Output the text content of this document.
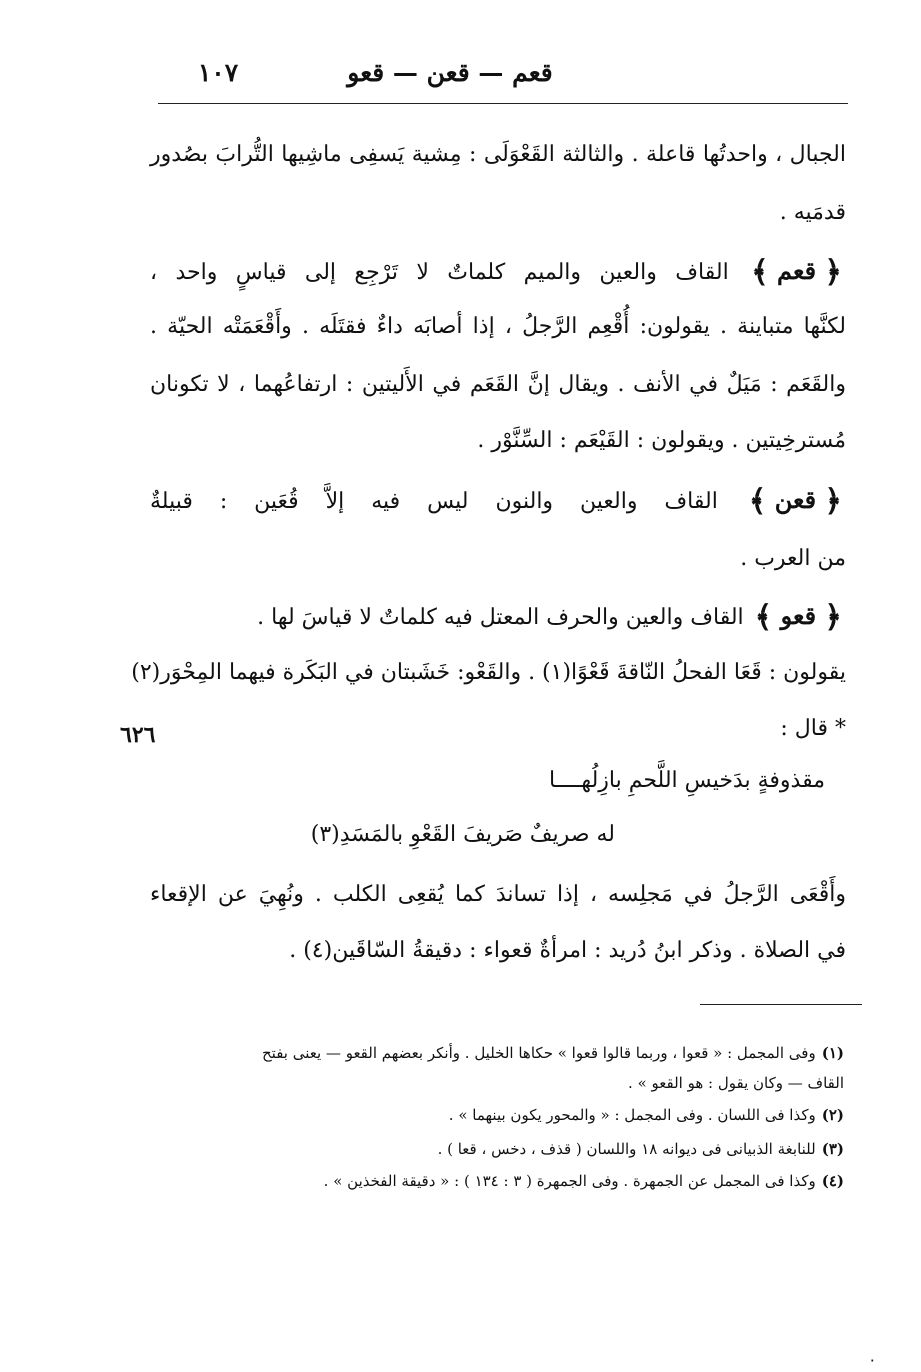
قعم — قعن — قعو
١٠٧
الجبال ، واحدتُها قاعلة . والثالثة القَعْوَلَى : مِشية يَسفِى ماشِيها التُّرابَ بصُدور
قدمَيه .
﴿ قعم ﴾ القاف والعين والميم كلماتٌ لا تَرْجِع إلى قياسٍ واحد ،
لكنَّها متباينة . يقولون: أُقْعِم الرَّجلُ ، إذا أصابَه داءٌ فقتَلَه . وأَقْعَمَتْه الحيّة .
والقَعَم : مَيَلٌ في الأنف . ويقال إنَّ القَعَم في الأَليتين : ارتفاعُهما ، لا تكونان
مُسترخِيتين . ويقولون : القَيْعَم : السِّنَّوْر .
﴿ قعن ﴾ القاف والعين والنون ليس فيه إلاَّ قُعَين : قبيلةٌ
من العرب .
﴿ قعو ﴾ القاف والعين والحرف المعتل فيه كلماتٌ لا قياسَ لها .
يقولون : قَعَا الفحلُ النّاقةَ قَعْوًا(١) . والقَعْو: خَشَبتان في البَكَرة فيهما المِحْوَر(٢)
* قال :
٦٢٦
مقذوفةٍ بدَخيسِ اللَّحمِ بازِلُهــــا
له صريفٌ صَريفَ القَعْوِ بالمَسَدِ(٣)
وأَقْعَى الرَّجلُ في مَجلِسه ، إذا تساندَ كما يُقعِى الكلب . ونُهِيَ عن الإقعاء
في الصلاة . وذكر ابنُ دُريد : امرأةٌ قعواء : دقيقةُ السّاقَين(٤) .
(١)وفى المجمل : « قعوا ، وربما قالوا قعوا » حكاها الخليل . وأنكر بعضهم القعو — يعنى بفتح
القاف — وكان يقول : هو القعو » .
(٢)وكذا فى اللسان . وفى المجمل : « والمحور يكون بينهما » .
(٣)للنابغة الذبيانى فى ديوانه ١٨ واللسان ( قذف ، دخس ، قعا ) .
(٤)وكذا فى المجمل عن الجمهرة . وفى الجمهرة ( ٣ : ١٣٤ ) : « دقيقة الفخذين » .
٠
